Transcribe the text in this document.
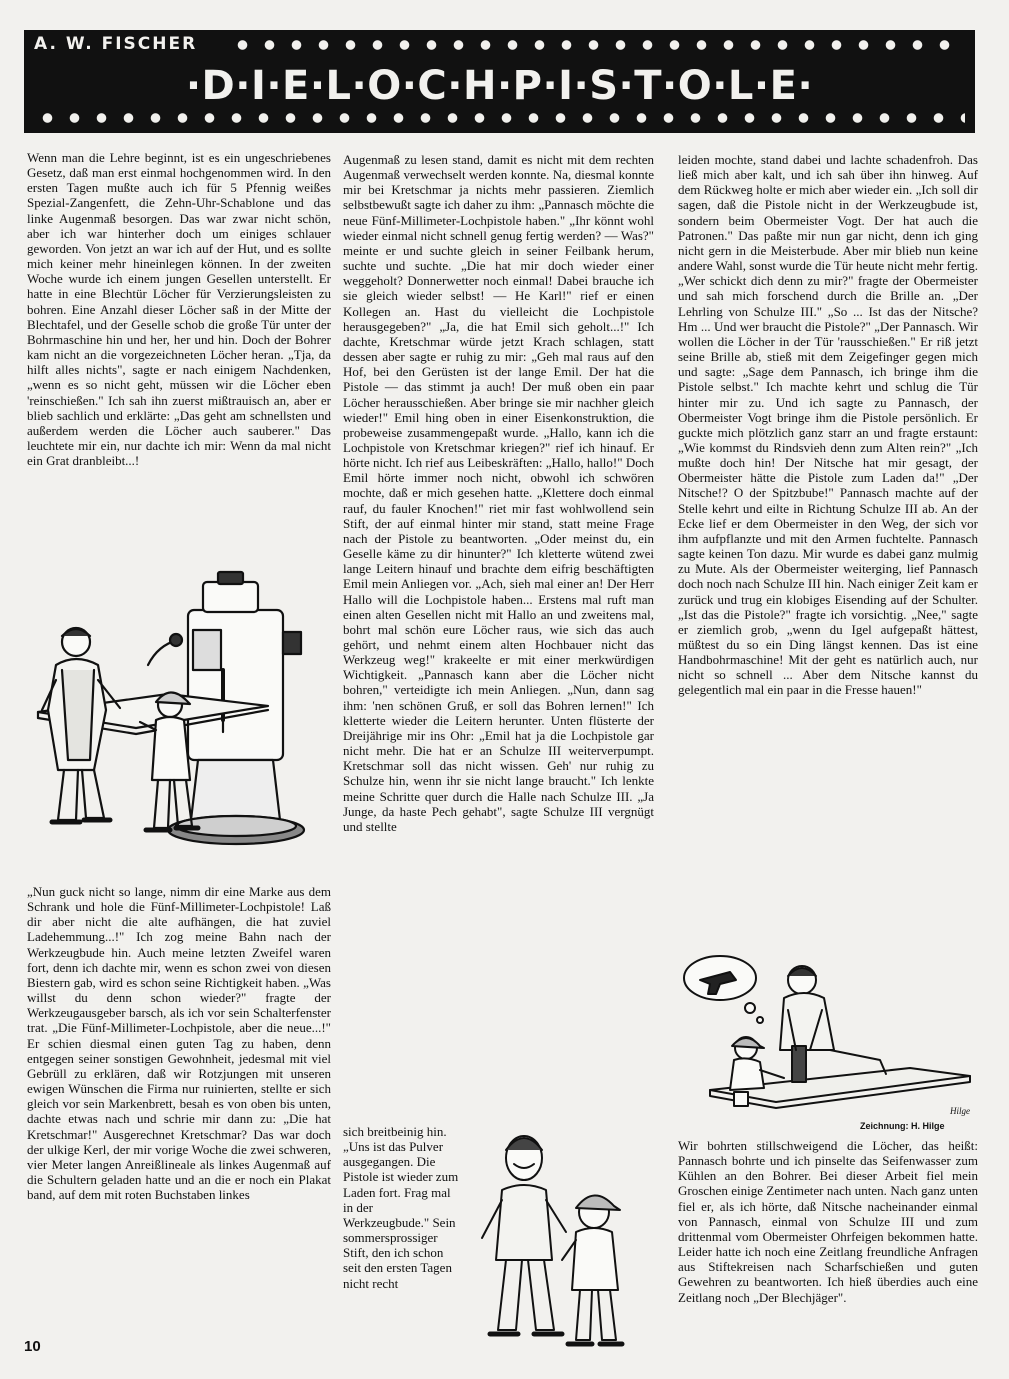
A. W. FISCHER
·D·I·E·L·O·C·H·P·I·S·T·O·L·E·

Wenn man die Lehre beginnt, ist es ein ungeschriebenes Gesetz, daß man erst einmal hochgenommen wird. In den ersten Tagen mußte auch ich für 5 Pfennig weißes Spezial-Zangenfett, die Zehn-Uhr-Schablone und das linke Augenmaß besorgen. Das war zwar nicht schön, aber ich war hinterher doch um einiges schlauer geworden. Von jetzt an war ich auf der Hut, und es sollte mich keiner mehr hineinlegen können. In der zweiten Woche wurde ich einem jungen Gesellen unterstellt. Er hatte in eine Blechtür Löcher für Verzierungsleisten zu bohren. Eine Anzahl dieser Löcher saß in der Mitte der Blechtafel, und der Geselle schob die große Tür unter der Bohrmaschine hin und her, her und hin. Doch der Bohrer kam nicht an die vorgezeichneten Löcher heran. „Tja, da hilft alles nichts", sagte er nach einigem Nachdenken, „wenn es so nicht geht, müssen wir die Löcher eben 'reinschießen." Ich sah ihn zuerst mißtrauisch an, aber er blieb sachlich und erklärte: „Das geht am schnellsten und außerdem werden die Löcher auch sauberer." Das leuchtete mir ein, nur dachte ich mir: Wenn da mal nicht ein Grat dranbleibt...!

„Nun guck nicht so lange, nimm dir eine Marke aus dem Schrank und hole die Fünf-Millimeter-Lochpistole! Laß dir aber nicht die alte aufhängen, die hat zuviel Ladehemmung...!" Ich zog meine Bahn nach der Werkzeugbude hin. Auch meine letzten Zweifel waren fort, denn ich dachte mir, wenn es schon zwei von diesen Biestern gab, wird es schon seine Richtigkeit haben. „Was willst du denn schon wieder?" fragte der Werkzeugausgeber barsch, als ich vor sein Schalterfenster trat. „Die Fünf-Millimeter-Lochpistole, aber die neue...!" Er schien diesmal einen guten Tag zu haben, denn entgegen seiner sonstigen Gewohnheit, jedesmal mit viel Gebrüll zu erklären, daß wir Rotzjungen mit unseren ewigen Wünschen die Firma nur ruinierten, stellte er sich gleich vor sein Markenbrett, besah es von oben bis unten, dachte etwas nach und schrie mir dann zu: „Die hat Kretschmar!" Ausgerechnet Kretschmar? Das war doch der ulkige Kerl, der mir vorige Woche die zwei schweren, vier Meter langen Anreißlineale als linkes Augenmaß auf die Schultern geladen hatte und an die er noch ein Plakat band, auf dem mit roten Buchstaben linkes

Augenmaß zu lesen stand, damit es nicht mit dem rechten Augenmaß verwechselt werden konnte. Na, diesmal konnte mir bei Kretschmar ja nichts mehr passieren. Ziemlich selbstbewußt sagte ich daher zu ihm: „Pannasch möchte die neue Fünf-Millimeter-Lochpistole haben." „Ihr könnt wohl wieder einmal nicht schnell genug fertig werden? — Was?" meinte er und suchte gleich in seiner Feilbank herum, suchte und suchte. „Die hat mir doch wieder einer weggeholt? Donnerwetter noch einmal! Dabei brauche ich sie gleich wieder selbst! — He Karl!" rief er einen Kollegen an. Hast du vielleicht die Lochpistole herausgegeben?" „Ja, die hat Emil sich geholt...!" Ich dachte, Kretschmar würde jetzt Krach schlagen, statt dessen aber sagte er ruhig zu mir: „Geh mal raus auf den Hof, bei den Gerüsten ist der lange Emil. Der hat die Pistole — das stimmt ja auch! Der muß oben ein paar Löcher herausschießen. Aber bringe sie mir nachher gleich wieder!" Emil hing oben in einer Eisenkonstruktion, die probeweise zusammengepaßt wurde. „Hallo, kann ich die Lochpistole von Kretschmar kriegen?" rief ich hinauf. Er hörte nicht. Ich rief aus Leibeskräften: „Hallo, hallo!" Doch Emil hörte immer noch nicht, obwohl ich schwören mochte, daß er mich gesehen hatte. „Klettere doch einmal rauf, du fauler Knochen!" riet mir fast wohlwollend sein Stift, der auf einmal hinter mir stand, statt meine Frage nach der Pistole zu beantworten. „Oder meinst du, ein Geselle käme zu dir hinunter?" Ich kletterte wütend zwei lange Leitern hinauf und brachte dem eifrig beschäftigten Emil mein Anliegen vor. „Ach, sieh mal einer an! Der Herr Hallo will die Lochpistole haben... Erstens mal ruft man einen alten Gesellen nicht mit Hallo an und zweitens mal, bohrt mal schön eure Löcher raus, wie sich das auch gehört, und nehmt einem alten Hochbauer nicht das Werkzeug weg!" krakeelte er mit einer merkwürdigen Wichtigkeit. „Pannasch kann aber die Löcher nicht bohren," verteidigte ich mein Anliegen. „Nun, dann sag ihm: 'nen schönen Gruß, er soll das Bohren lernen!" Ich kletterte wieder die Leitern herunter. Unten flüsterte der Dreijährige mir ins Ohr: „Emil hat ja die Lochpistole gar nicht mehr. Die hat er an Schulze III weiterverpumpt. Kretschmar soll das nicht wissen. Geh' nur ruhig zu Schulze hin, wenn ihr sie nicht lange braucht." Ich lenkte meine Schritte quer durch die Halle nach Schulze III. „Ja Junge, da haste Pech gehabt", sagte Schulze III vergnügt und stellte

sich breitbeinig hin. „Uns ist das Pulver ausgegangen. Die Pistole ist wieder zum Laden fort. Frag mal in der Werkzeugbude." Sein sommersprossiger Stift, den ich schon seit den ersten Tagen nicht recht

leiden mochte, stand dabei und lachte schadenfroh. Das ließ mich aber kalt, und ich sah über ihn hinweg. Auf dem Rückweg holte er mich aber wieder ein. „Ich soll dir sagen, daß die Pistole nicht in der Werkzeugbude ist, sondern beim Obermeister Vogt. Der hat auch die Patronen." Das paßte mir nun gar nicht, denn ich ging nicht gern in die Meisterbude. Aber mir blieb nun keine andere Wahl, sonst wurde die Tür heute nicht mehr fertig. „Wer schickt dich denn zu mir?" fragte der Obermeister und sah mich forschend durch die Brille an. „Der Lehrling von Schulze III." „So ... Ist das der Nitsche? Hm ... Und wer braucht die Pistole?" „Der Pannasch. Wir wollen die Löcher in der Tür 'rausschießen." Er riß jetzt seine Brille ab, stieß mit dem Zeigefinger gegen mich und sagte: „Sage dem Pannasch, ich bringe ihm die Pistole selbst." Ich machte kehrt und schlug die Tür hinter mir zu. Und ich sagte zu Pannasch, der Obermeister Vogt bringe ihm die Pistole persönlich. Er guckte mich plötzlich ganz starr an und fragte erstaunt: „Wie kommst du Rindsvieh denn zum Alten rein?" „Ich mußte doch hin! Der Nitsche hat mir gesagt, der Obermeister hätte die Pistole zum Laden da!" „Der Nitsche!? O der Spitzbube!" Pannasch machte auf der Stelle kehrt und eilte in Richtung Schulze III ab. An der Ecke lief er dem Obermeister in den Weg, der sich vor ihm aufpflanzte und mit den Armen fuchtelte. Pannasch sagte keinen Ton dazu. Mir wurde es dabei ganz mulmig zu Mute. Als der Obermeister weiterging, lief Pannasch doch noch nach Schulze III hin. Nach einiger Zeit kam er zurück und trug ein klobiges Eisending auf der Schulter. „Ist das die Pistole?" fragte ich vorsichtig. „Nee," sagte er ziemlich grob, „wenn du Igel aufgepaßt hättest, müßtest du so ein Ding längst kennen. Das ist eine Handbohrmaschine! Mit der geht es natürlich auch, nur nicht so schnell ... Aber dem Nitsche kannst du gelegentlich mal ein paar in die Fresse hauen!"

Hilge
Zeichnung: H. Hilge

Wir bohrten stillschweigend die Löcher, das heißt: Pannasch bohrte und ich pinselte das Seifenwasser zum Kühlen an den Bohrer. Bei dieser Arbeit fiel mein Groschen einige Zentimeter nach unten. Nach ganz unten fiel er, als ich hörte, daß Nitsche nacheinander einmal von Pannasch, einmal von Schulze III und zum drittenmal vom Obermeister Ohrfeigen bekommen hatte. Leider hatte ich noch eine Zeitlang freundliche Anfragen aus Stiftekreisen nach Scharfschießen und guten Gewehren zu beantworten. Ich hieß überdies auch eine Zeitlang noch „Der Blechjäger".

10
